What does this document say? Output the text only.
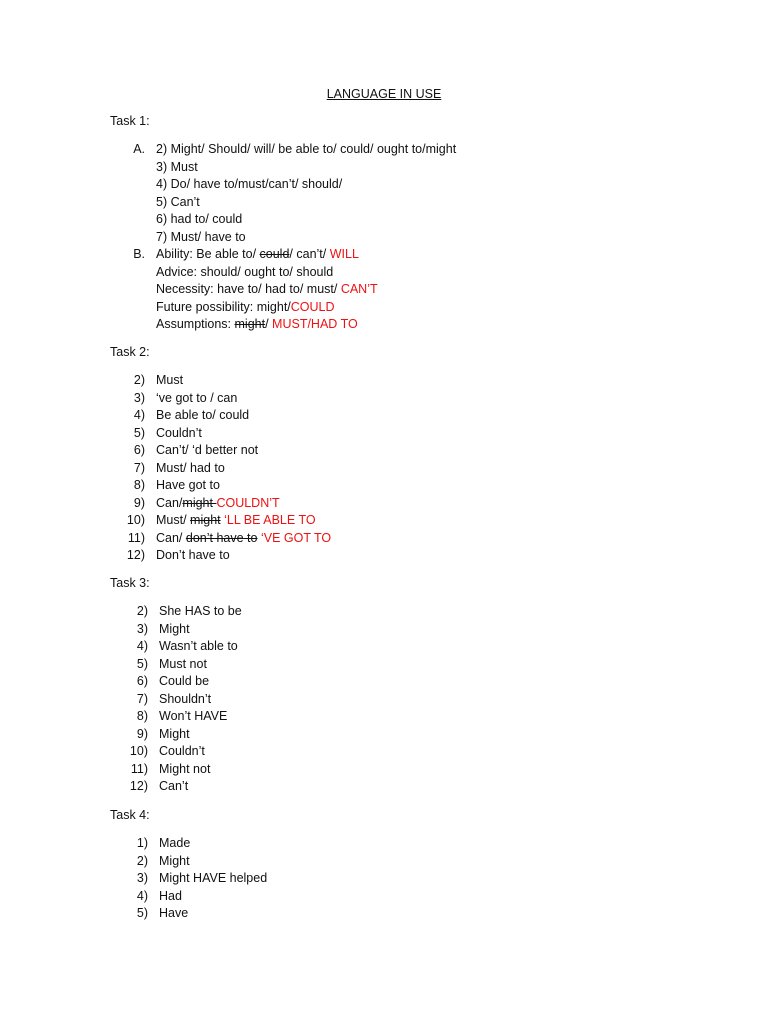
LANGUAGE IN USE
Task 1:
A. 2) Might/ Should/ will/ be able to/ could/ ought to/might
3) Must
4) Do/ have to/must/can’t/ should/
5) Can’t
6) had to/ could
7) Must/ have to
B. Ability: Be able to/ could/ can’t/ WILL
Advice: should/ ought to/ should
Necessity: have to/ had to/ must/ CAN’T
Future possibility: might/COULD
Assumptions: might/ MUST/HAD TO
Task 2:
2) Must
3) ‘ve got to / can
4) Be able to/ could
5) Couldn’t
6) Can’t/ ‘d better not
7) Must/ had to
8) Have got to
9) Can/might COULDN’T
10) Must/ might ‘LL BE ABLE TO
11) Can/ don’t have to ‘VE GOT TO
12) Don’t have to
Task 3:
2) She HAS to be
3) Might
4) Wasn’t able to
5) Must not
6) Could be
7) Shouldn’t
8) Won’t HAVE
9) Might
10) Couldn’t
11) Might not
12) Can’t
Task 4:
1) Made
2) Might
3) Might HAVE helped
4) Had
5) Have
